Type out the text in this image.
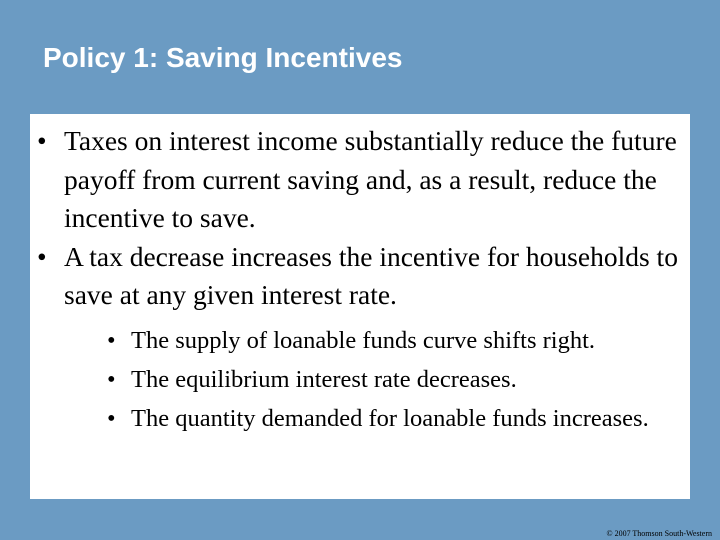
Policy 1: Saving Incentives
• Taxes on interest income substantially reduce the future payoff from current saving and, as a result, reduce the incentive to save.
• A tax decrease increases the incentive for households to save at any given interest rate.
• The supply of loanable funds curve shifts right.
• The equilibrium interest rate decreases.
• The quantity demanded for loanable funds increases.
© 2007 Thomson South-Western
